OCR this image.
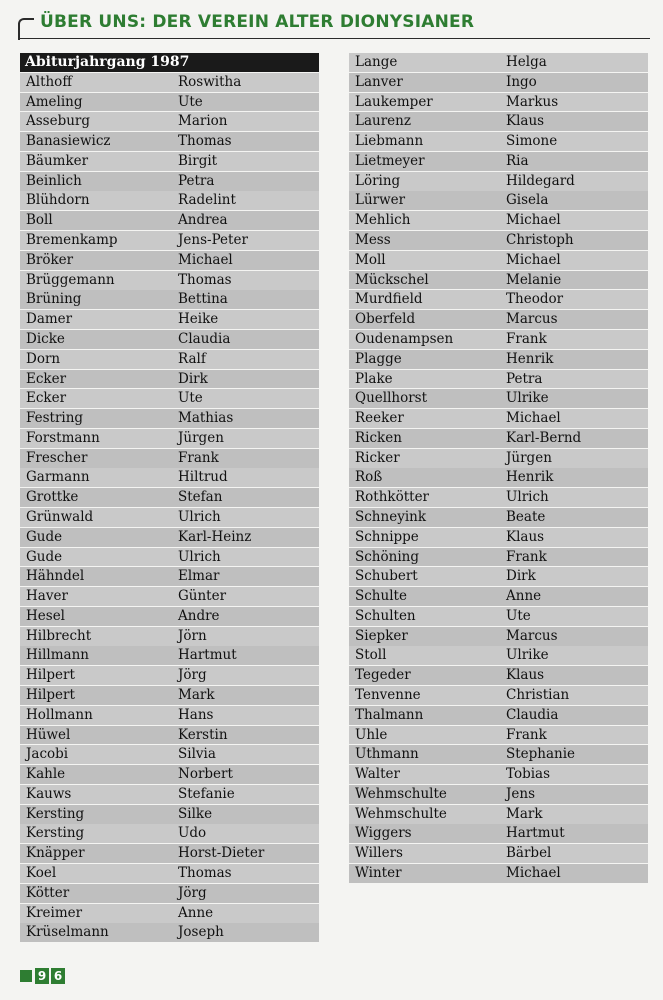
ÜBER UNS: DER VEREIN ALTER DIONYSIANER
Abiturjahrgang 1987
Althoff	Roswitha
Ameling	Ute
Asseburg	Marion
Banasiewicz	Thomas
Bäumker	Birgit
Beinlich	Petra
Blühdorn	Radelint
Boll	Andrea
Bremenkamp	Jens-Peter
Bröker	Michael
Brüggemann	Thomas
Brüning	Bettina
Damer	Heike
Dicke	Claudia
Dorn	Ralf
Ecker	Dirk
Ecker	Ute
Festring	Mathias
Forstmann	Jürgen
Frescher	Frank
Garmann	Hiltrud
Grottke	Stefan
Grünwald	Ulrich
Gude	Karl-Heinz
Gude	Ulrich
Hähndel	Elmar
Haver	Günter
Hesel	Andre
Hilbrecht	Jörn
Hillmann	Hartmut
Hilpert	Jörg
Hilpert	Mark
Hollmann	Hans
Hüwel	Kerstin
Jacobi	Silvia
Kahle	Norbert
Kauws	Stefanie
Kersting	Silke
Kersting	Udo
Knäpper	Horst-Dieter
Koel	Thomas
Kötter	Jörg
Kreimer	Anne
Krüselmann	Joseph
Lange	Helga
Lanver	Ingo
Laukemper	Markus
Laurenz	Klaus
Liebmann	Simone
Lietmeyer	Ria
Löring	Hildegard
Lürwer	Gisela
Mehlich	Michael
Mess	Christoph
Moll	Michael
Mückschel	Melanie
Murdfield	Theodor
Oberfeld	Marcus
Oudenampsen	Frank
Plagge	Henrik
Plake	Petra
Quellhorst	Ulrike
Reeker	Michael
Ricken	Karl-Bernd
Ricker	Jürgen
Roß	Henrik
Rothkötter	Ulrich
Schneyink	Beate
Schnippe	Klaus
Schöning	Frank
Schubert	Dirk
Schulte	Anne
Schulten	Ute
Siepker	Marcus
Stoll	Ulrike
Tegeder	Klaus
Tenvenne	Christian
Thalmann	Claudia
Uhle	Frank
Uthmann	Stephanie
Walter	Tobias
Wehmschulte	Jens
Wehmschulte	Mark
Wiggers	Hartmut
Willers	Bärbel
Winter	Michael
9 6
